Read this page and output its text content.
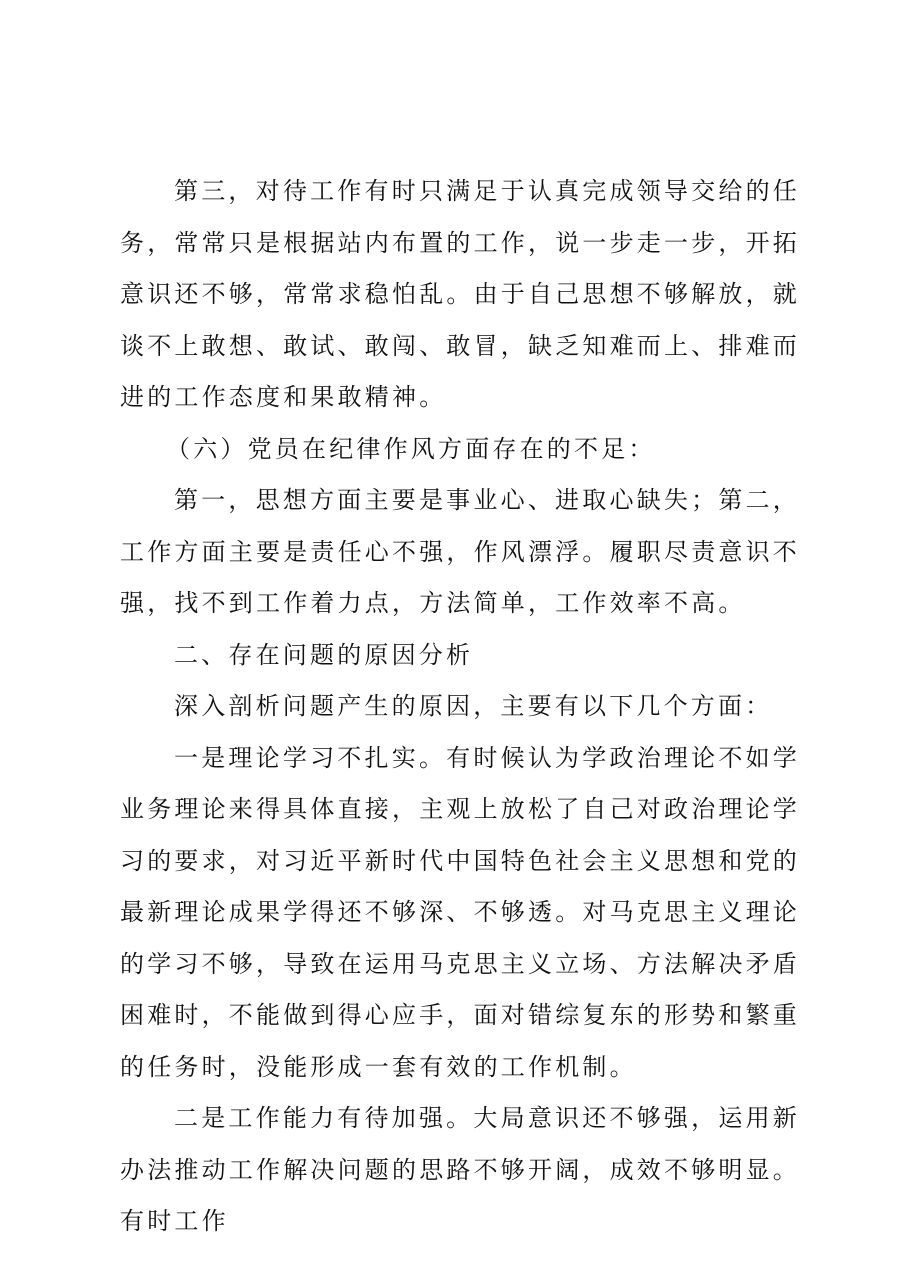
第三，对待工作有时只满足于认真完成领导交给的任务，常常只是根据站内布置的工作，说一步走一步，开拓意识还不够，常常求稳怕乱。由于自己思想不够解放，就谈不上敢想、敢试、敢闯、敢冒，缺乏知难而上、排难而进的工作态度和果敢精神。

（六）党员在纪律作风方面存在的不足：

第一，思想方面主要是事业心、进取心缺失；第二，工作方面主要是责任心不强，作风漂浮。履职尽责意识不强，找不到工作着力点，方法简单，工作效率不高。

二、存在问题的原因分析

深入剖析问题产生的原因，主要有以下几个方面：

一是理论学习不扎实。有时候认为学政治理论不如学业务理论来得具体直接，主观上放松了自己对政治理论学习的要求，对习近平新时代中国特色社会主义思想和党的最新理论成果学得还不够深、不够透。对马克思主义理论的学习不够，导致在运用马克思主义立场、方法解决矛盾困难时，不能做到得心应手，面对错综复东的形势和繁重的任务时，没能形成一套有效的工作机制。

二是工作能力有待加强。大局意识还不够强，运用新办法推动工作解决问题的思路不够开阔，成效不够明显。有时工作
